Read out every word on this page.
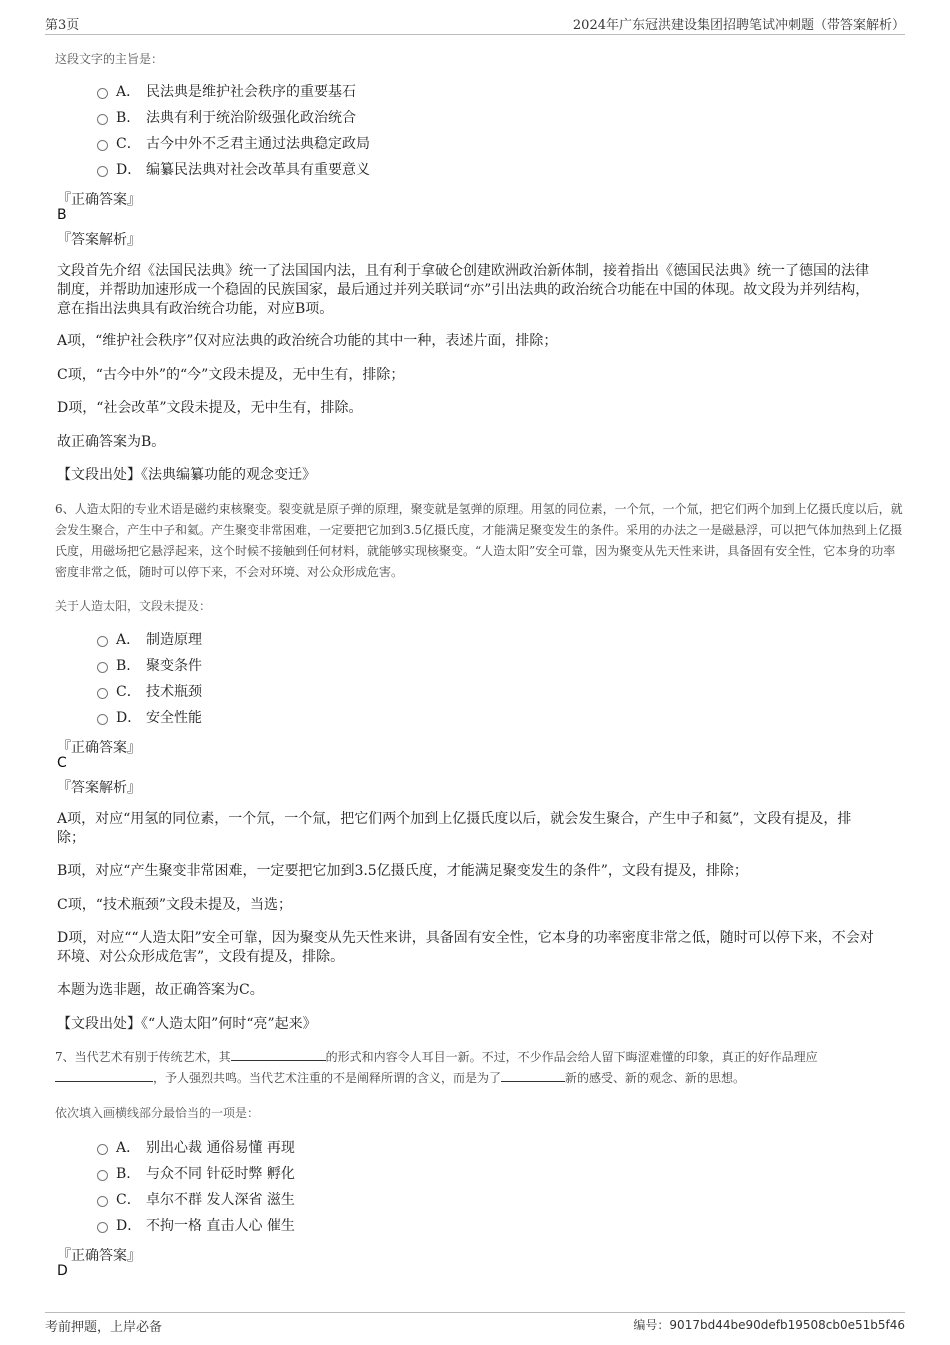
第3页	2024年广东冠洪建设集团招聘笔试冲刺题（带答案解析）
这段文字的主旨是：
A． 民法典是维护社会秩序的重要基石
B. 法典有利于统治阶级强化政治统合
C． 古今中外不乏君主通过法典稳定政局
D． 编纂民法典对社会改革具有重要意义
『正确答案』
B
『答案解析』
文段首先介绍《法国民法典》统一了法国国内法，且有利于拿破仑创建欧洲政治新体制，接着指出《德国民法典》统一了德国的法律制度，并帮助加速形成一个稳固的民族国家，最后通过并列关联词“亦”引出法典的政治统合功能在中国的体现。故文段为并列结构，意在指出法典具有政治统合功能，对应B项。
A项，“维护社会秩序”仅对应法典的政治统合功能的其中一种，表述片面，排除；
C项，“古今中外”的“今”文段未提及，无中生有，排除；
D项，“社会改革”文段未提及，无中生有，排除。
故正确答案为B。
【文段出处】《法典编纂功能的观念变迁》
6、人造太阳的专业术语是磁约束核聚变。裂变就是原子弹的原理，聚变就是氢弹的原理。用氢的同位素，一个氘，一个氚，把它们两个加到上亿摄氏度以后，就会发生聚合，产生中子和氦。产生聚变非常困难，一定要把它加到3.5亿摄氏度，才能满足聚变发生的条件。采用的办法之一是磁悬浮，可以把气体加热到上亿摄氏度，用磁场把它悬浮起来，这个时候不接触到任何材料，就能够实现核聚变。“人造太阳”安全可靠，因为聚变从先天性来讲，具备固有安全性，它本身的功率密度非常之低，随时可以停下来，不会对环境、对公众形成危害。
关于人造太阳，文段未提及：
A． 制造原理
B. 聚变条件
C． 技术瓶颈
D． 安全性能
『正确答案』
C
『答案解析』
A项，对应“用氢的同位素，一个氘，一个氚，把它们两个加到上亿摄氏度以后，就会发生聚合，产生中子和氦”，文段有提及，排除；
B项，对应“产生聚变非常困难，一定要把它加到3.5亿摄氏度，才能满足聚变发生的条件”，文段有提及，排除；
C项，“技术瓶颈”文段未提及，当选；
D项，对应““人造太阳”安全可靠，因为聚变从先天性来讲，具备固有安全性，它本身的功率密度非常之低，随时可以停下来，不会对环境、对公众形成危害”，文段有提及，排除。
本题为选非题，故正确答案为C。
【文段出处】《“人造太阳”何时“亮”起来》
7、当代艺术有别于传统艺术，其	的形式和内容令人耳目一新。不过，不少作品会给人留下晦涩难懂的印象，真正的好作品理应，予人强烈共鸣。当代艺术注重的不是阐释所谓的含义，而是为了	新的感受、新的观念、新的思想。
依次填入画横线部分最恰当的一项是：
A． 别出心裁 通俗易懂 再现
B. 与众不同 针砭时弊 孵化
C． 卓尔不群 发人深省 滋生
D． 不拘一格 直击人心 催生
『正确答案』
D
考前押题，上岸必备	编号：9017bd44be90defb19508cb0e51b5f46
